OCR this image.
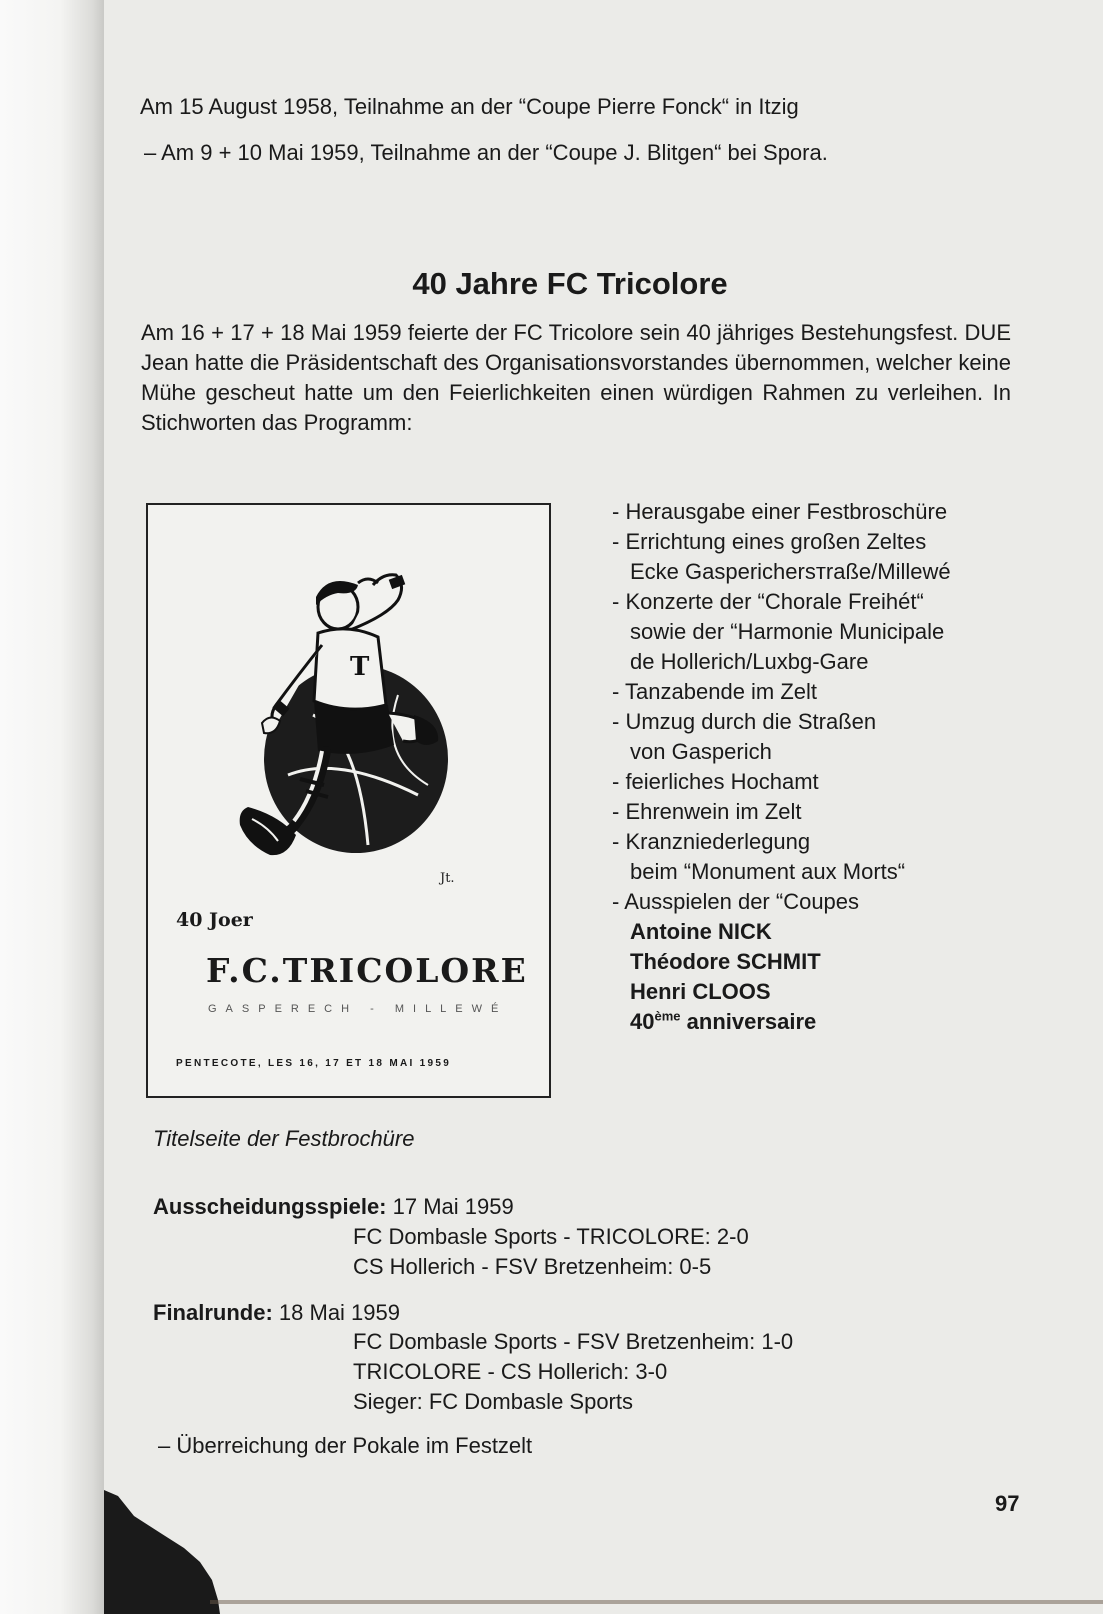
Am 15 August 1958, Teilnahme an der “Coupe Pierre Fonck“ in Itzig
– Am 9 + 10 Mai 1959, Teilnahme an der “Coupe J. Blitgen“ bei Spora.
40 Jahre FC Tricolore
Am 16 + 17 + 18 Mai 1959 feierte der FC Tricolore sein 40 jähriges Bestehungsfest. DUE Jean hatte die Präsidentschaft des Organisationsvorstandes übernommen, welcher keine Mühe gescheut hatte um den Feierlichkeiten einen würdigen Rahmen zu verleihen. In Stichworten das Programm:
T
Jt.
40 Joer
F.C.TRICOLORE
GASPERECH - MILLEWÉ
PENTECOTE, LES 16, 17 ET 18 MAI 1959
Titelseite der Festbrochüre
- Herausgabe einer Festbroschüre
- Errichtung eines großen Zeltes
Ecke Gasperichersтraße/Millewé
- Konzerte der “Chorale Freihét“
sowie der “Harmonie Municipale
de Hollerich/Luxbg-Gare
- Tanzabende im Zelt
- Umzug durch die Straßen
von Gasperich
- feierliches Hochamt
- Ehrenwein im Zelt
- Kranzniederlegung
beim “Monument aux Morts“
- Ausspielen der “Coupes
Antoine NICK
Théodore SCHMIT
Henri CLOOS
40ème anniversaire
Ausscheidungsspiele: 17 Mai 1959
FC Dombasle Sports - TRICOLORE: 2-0
CS Hollerich - FSV Bretzenheim: 0-5
Finalrunde: 18 Mai 1959
FC Dombasle Sports - FSV Bretzenheim: 1-0
TRICOLORE - CS Hollerich: 3-0
Sieger: FC Dombasle Sports
– Überreichung der Pokale im Festzelt
97
